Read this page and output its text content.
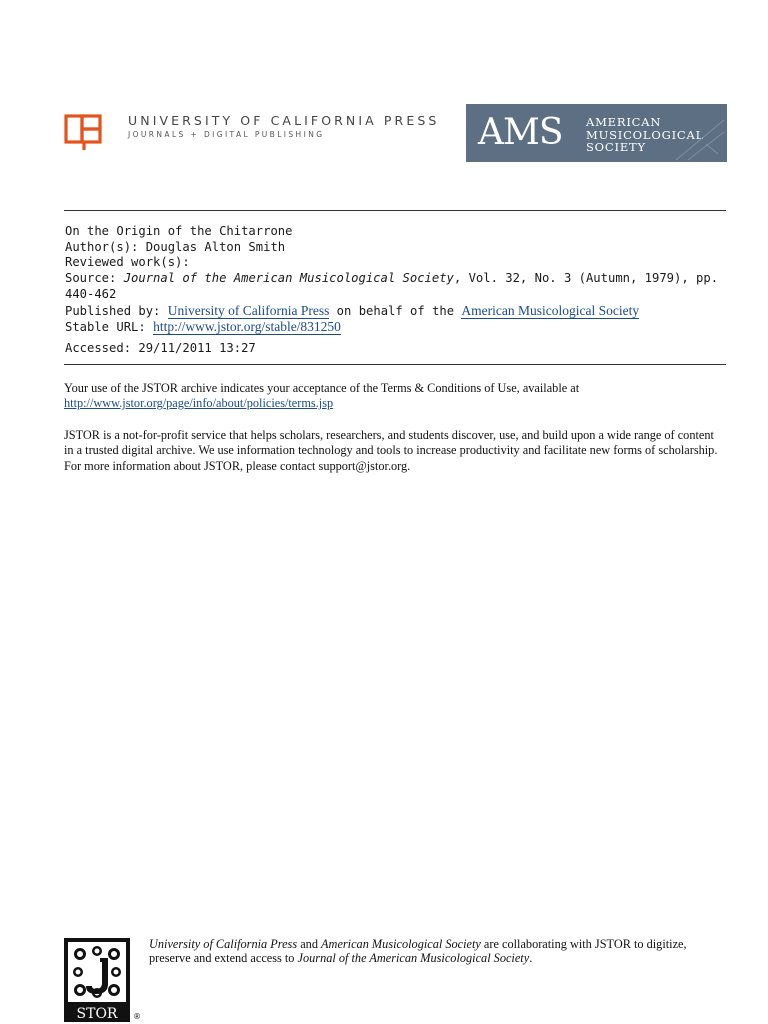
UNIVERSITY OF CALIFORNIA PRESS
JOURNALS + DIGITAL PUBLISHING	AMS AMERICAN
MUSICOLOGICAL
SOCIETY
On the Origin of the Chitarrone
Author(s): Douglas Alton Smith
Reviewed work(s):
Source: Journal of the American Musicological Society, Vol. 32, No. 3 (Autumn, 1979), pp.
440-462
Published by: University of California Press on behalf of the American Musicological Society
Stable URL: http://www.jstor.org/stable/831250
Accessed: 29/11/2011 13:27
Your use of the JSTOR archive indicates your acceptance of the Terms & Conditions of Use, available at
http://www.jstor.org/page/info/about/policies/terms.jsp
JSTOR is a not-for-profit service that helps scholars, researchers, and students discover, use, and build upon a wide range of content in a trusted digital archive. We use information technology and tools to increase productivity and facilitate new forms of scholarship. For more information about JSTOR, please contact support@jstor.org.
STOR ®
University of California Press and American Musicological Society are collaborating with JSTOR to digitize, preserve and extend access to Journal of the American Musicological Society.
